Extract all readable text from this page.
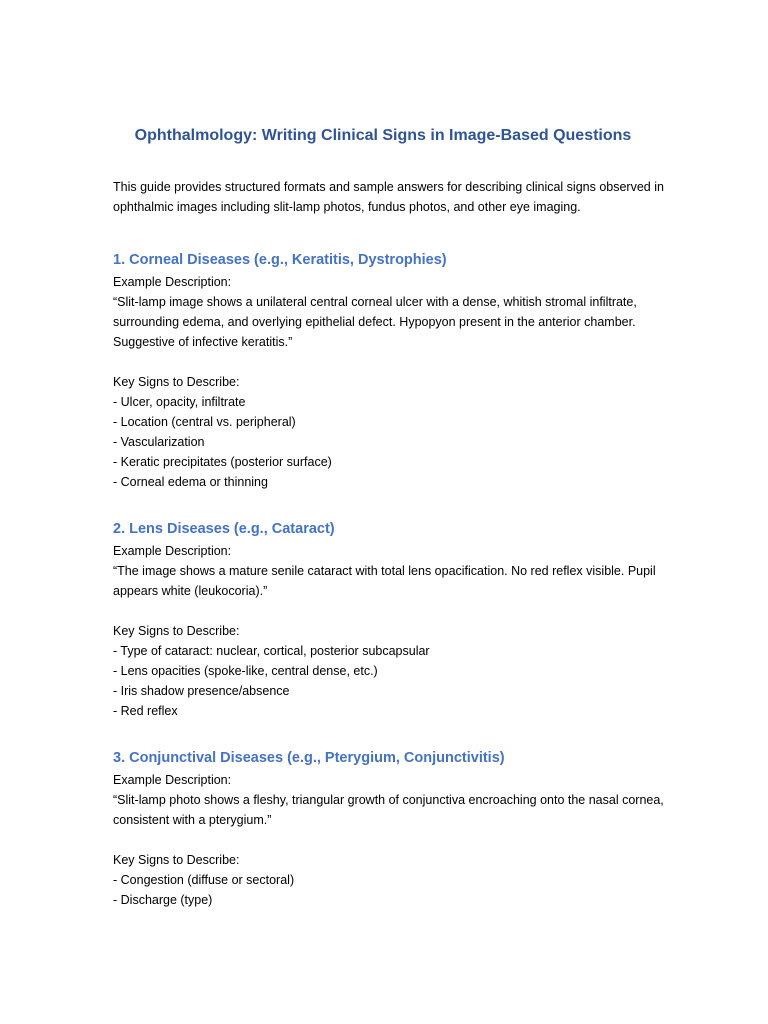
Ophthalmology: Writing Clinical Signs in Image-Based Questions

This guide provides structured formats and sample answers for describing clinical signs observed in ophthalmic images including slit-lamp photos, fundus photos, and other eye imaging.

1. Corneal Diseases (e.g., Keratitis, Dystrophies)

Example Description:

“Slit-lamp image shows a unilateral central corneal ulcer with a dense, whitish stromal infiltrate, surrounding edema, and overlying epithelial defect. Hypopyon present in the anterior chamber. Suggestive of infective keratitis.”

Key Signs to Describe:

- Ulcer, opacity, infiltrate
- Location (central vs. peripheral)
- Vascularization
- Keratic precipitates (posterior surface)
- Corneal edema or thinning
2. Lens Diseases (e.g., Cataract)

Example Description:

“The image shows a mature senile cataract with total lens opacification. No red reflex visible. Pupil appears white (leukocoria).”

Key Signs to Describe:

- Type of cataract: nuclear, cortical, posterior subcapsular
- Lens opacities (spoke-like, central dense, etc.)
- Iris shadow presence/absence
- Red reflex
3. Conjunctival Diseases (e.g., Pterygium, Conjunctivitis)

Example Description:

“Slit-lamp photo shows a fleshy, triangular growth of conjunctiva encroaching onto the nasal cornea, consistent with a pterygium.”

Key Signs to Describe:

- Congestion (diffuse or sectoral)
- Discharge (type)
